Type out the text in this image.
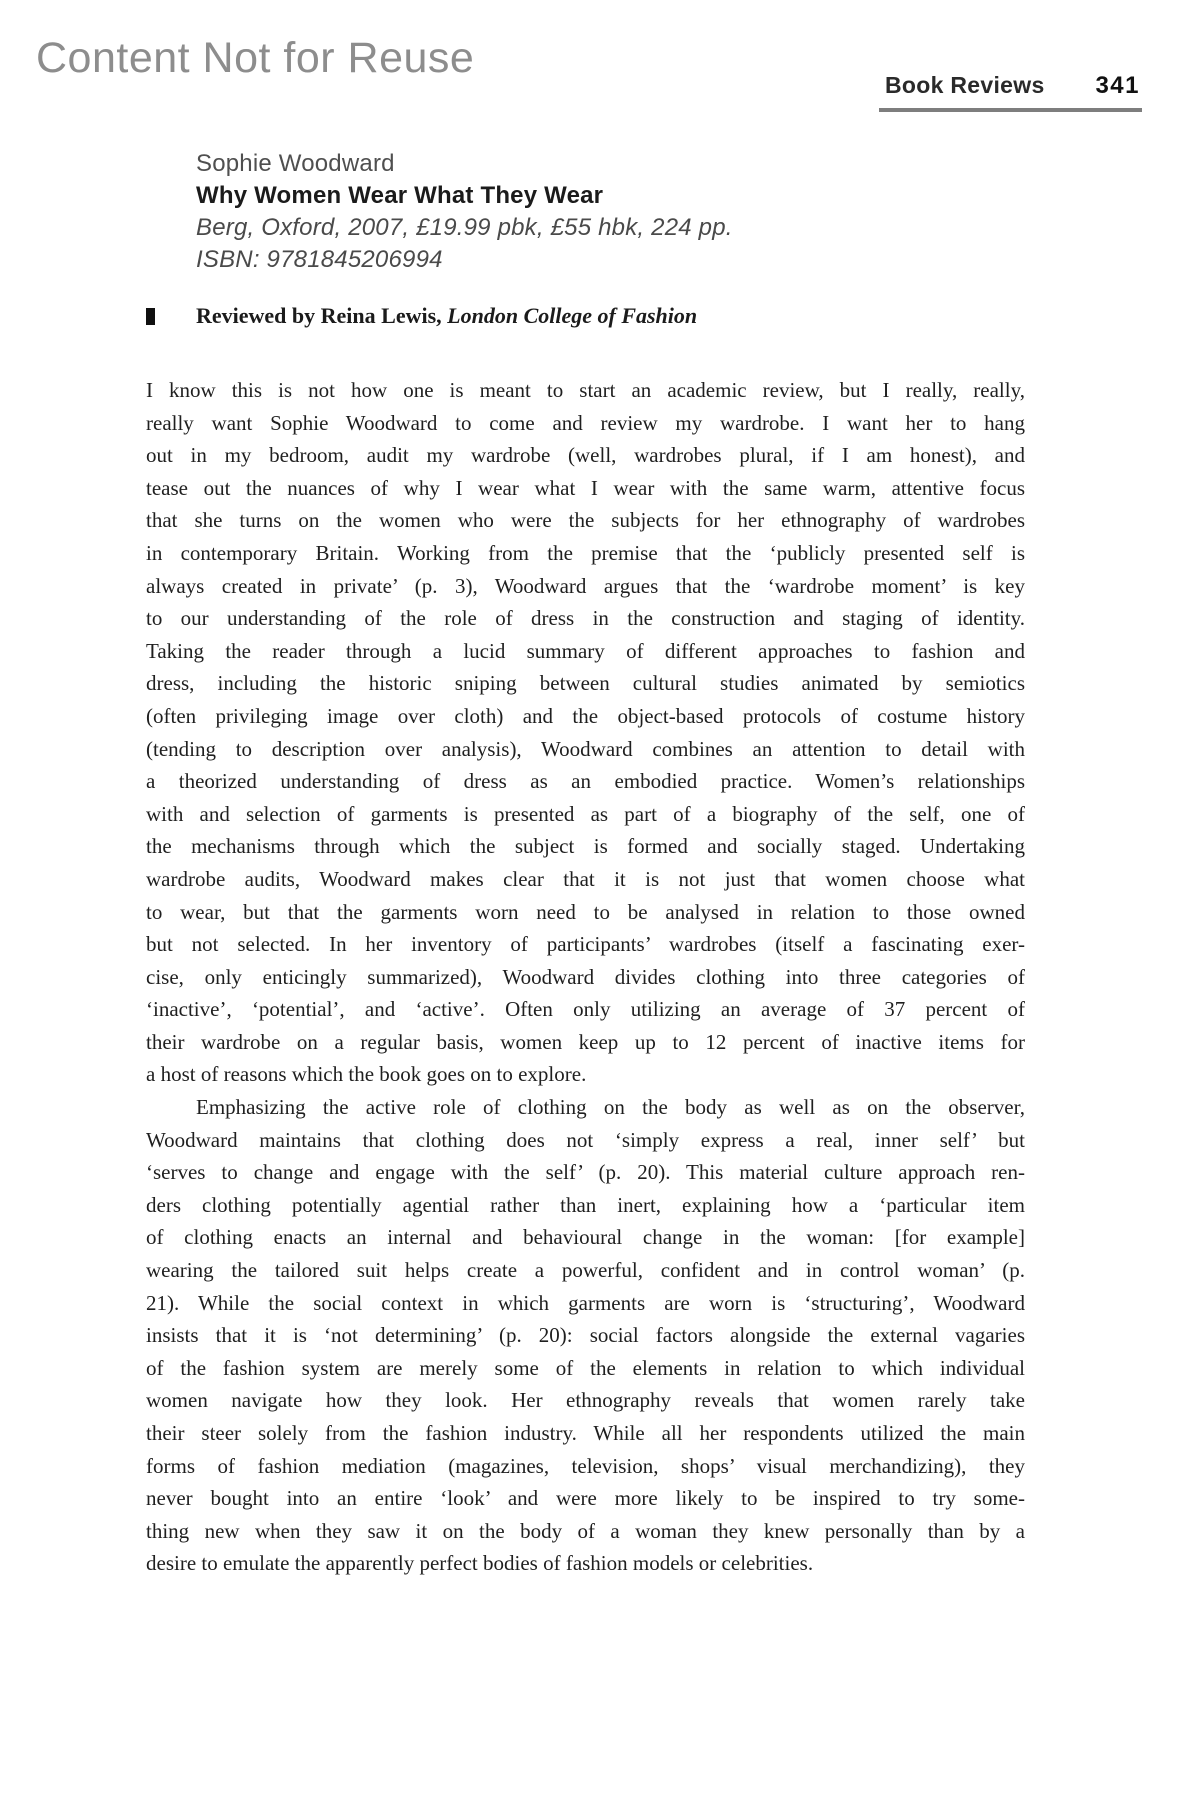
Content Not for Reuse
Book Reviews 341
Sophie Woodward
Why Women Wear What They Wear
Berg, Oxford, 2007, £19.99 pbk, £55 hbk, 224 pp.
ISBN: 9781845206994
Reviewed by Reina Lewis, London College of Fashion
I know this is not how one is meant to start an academic review, but I really, really,
really want Sophie Woodward to come and review my wardrobe. I want her to hang
out in my bedroom, audit my wardrobe (well, wardrobes plural, if I am honest), and
tease out the nuances of why I wear what I wear with the same warm, attentive focus
that she turns on the women who were the subjects for her ethnography of wardrobes
in contemporary Britain. Working from the premise that the ‘publicly presented self is
always created in private’ (p. 3), Woodward argues that the ‘wardrobe moment’ is key
to our understanding of the role of dress in the construction and staging of identity.
Taking the reader through a lucid summary of different approaches to fashion and
dress, including the historic sniping between cultural studies animated by semiotics
(often privileging image over cloth) and the object-based protocols of costume history
(tending to description over analysis), Woodward combines an attention to detail with
a theorized understanding of dress as an embodied practice. Women’s relationships
with and selection of garments is presented as part of a biography of the self, one of
the mechanisms through which the subject is formed and socially staged. Undertaking
wardrobe audits, Woodward makes clear that it is not just that women choose what
to wear, but that the garments worn need to be analysed in relation to those owned
but not selected. In her inventory of participants’ wardrobes (itself a fascinating exer-
cise, only enticingly summarized), Woodward divides clothing into three categories of
‘inactive’, ‘potential’, and ‘active’. Often only utilizing an average of 37 percent of
their wardrobe on a regular basis, women keep up to 12 percent of inactive items for
a host of reasons which the book goes on to explore.
Emphasizing the active role of clothing on the body as well as on the observer,
Woodward maintains that clothing does not ‘simply express a real, inner self’ but
‘serves to change and engage with the self’ (p. 20). This material culture approach ren-
ders clothing potentially agential rather than inert, explaining how a ‘particular item
of clothing enacts an internal and behavioural change in the woman: [for example]
wearing the tailored suit helps create a powerful, confident and in control woman’ (p.
21). While the social context in which garments are worn is ‘structuring’, Woodward
insists that it is ‘not determining’ (p. 20): social factors alongside the external vagaries
of the fashion system are merely some of the elements in relation to which individual
women navigate how they look. Her ethnography reveals that women rarely take
their steer solely from the fashion industry. While all her respondents utilized the main
forms of fashion mediation (magazines, television, shops’ visual merchandizing), they
never bought into an entire ‘look’ and were more likely to be inspired to try some-
thing new when they saw it on the body of a woman they knew personally than by a
desire to emulate the apparently perfect bodies of fashion models or celebrities.
